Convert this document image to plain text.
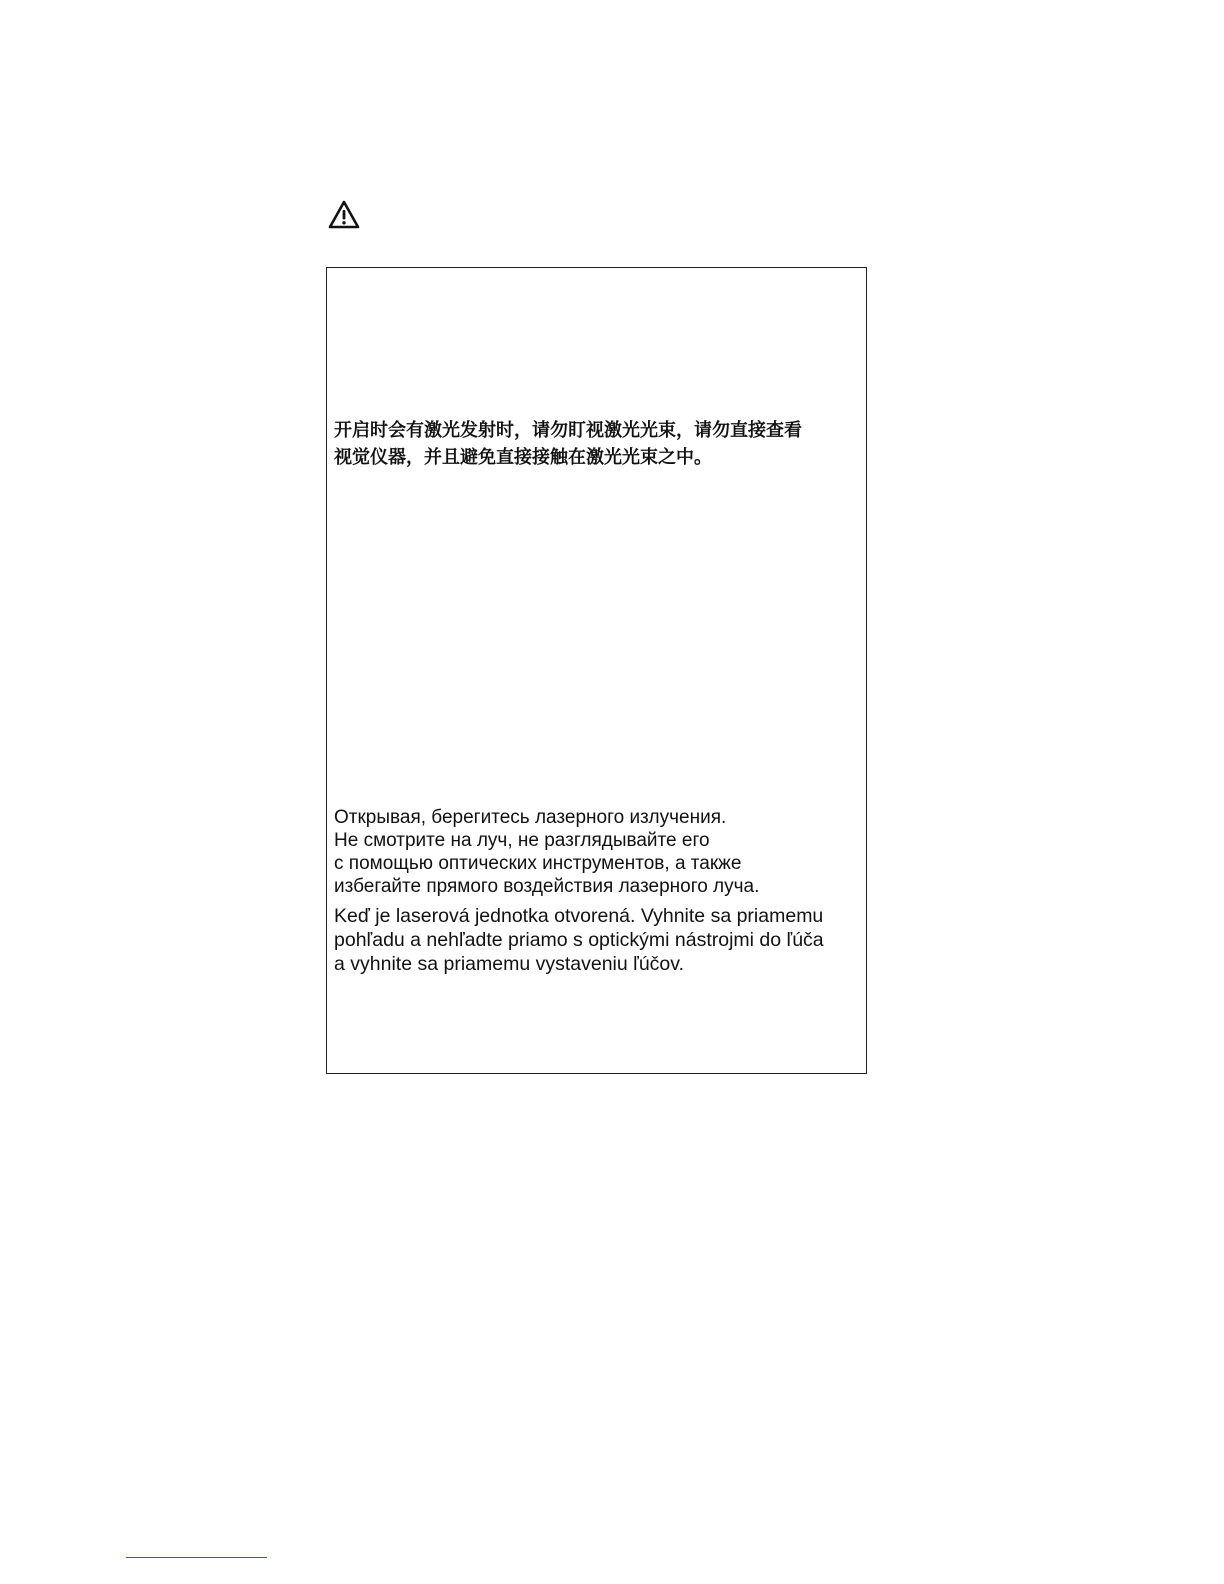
开启时会有激光发射时，请勿盯视激光光束，请勿直接查看
视觉仪器，并且避免直接接触在激光光束之中。

Открывая, берегитесь лазерного излучения.
Не смотрите на луч, не разглядывайте его
с помощью оптических инструментов, а также
избегайте прямого воздействия лазерного луча.

Keď je laserová jednotka otvorená. Vyhnite sa priamemu
pohľadu a nehľadte priamo s optickými nástrojmi do ľúča
a vyhnite sa priamemu vystaveniu ľúčov.
